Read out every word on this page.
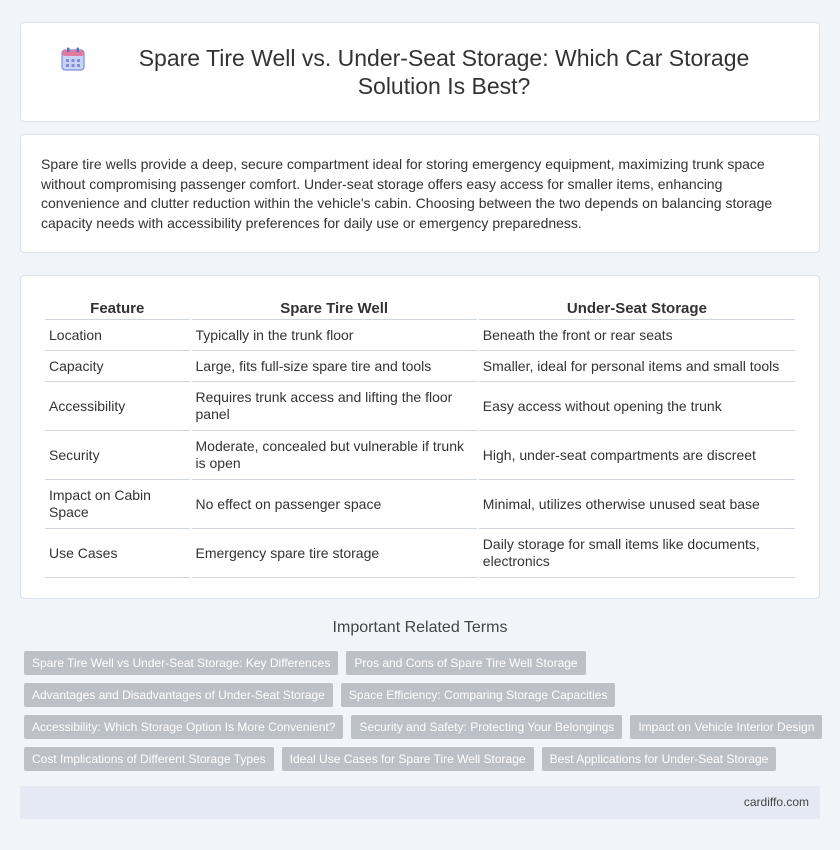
Spare Tire Well vs. Under-Seat Storage: Which Car Storage Solution Is Best?

Spare tire wells provide a deep, secure compartment ideal for storing emergency equipment, maximizing trunk space without compromising passenger comfort. Under-seat storage offers easy access for smaller items, enhancing convenience and clutter reduction within the vehicle's cabin. Choosing between the two depends on balancing storage capacity needs with accessibility preferences for daily use or emergency preparedness.

Feature	Spare Tire Well	Under-Seat Storage
Location	Typically in the trunk floor	Beneath the front or rear seats
Capacity	Large, fits full-size spare tire and tools	Smaller, ideal for personal items and small tools
Accessibility	Requires trunk access and lifting the floor panel	Easy access without opening the trunk
Security	Moderate, concealed but vulnerable if trunk is open	High, under-seat compartments are discreet
Impact on Cabin Space	No effect on passenger space	Minimal, utilizes otherwise unused seat base
Use Cases	Emergency spare tire storage	Daily storage for small items like documents, electronics
Important Related Terms
Spare Tire Well vs Under-Seat Storage: Key Differences	Pros and Cons of Spare Tire Well Storage
Advantages and Disadvantages of Under-Seat Storage	Space Efficiency: Comparing Storage Capacities
Accessibility: Which Storage Option Is More Convenient?	Security and Safety: Protecting Your Belongings	Impact on Vehicle Interior Design
Cost Implications of Different Storage Types	Ideal Use Cases for Spare Tire Well Storage	Best Applications for Under-Seat Storage
cardiffo.com
